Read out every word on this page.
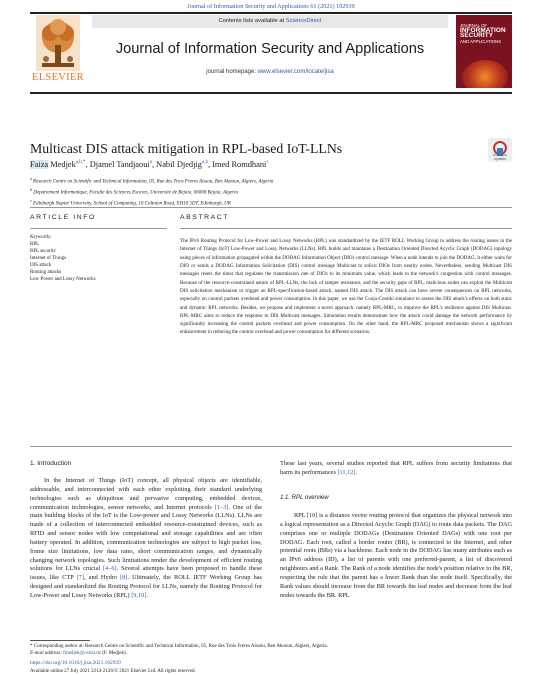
Journal of Information Security and Applications 61 (2021) 102939
ELSEVIER
Contents lists available at ScienceDirect
Journal of Information Security and Applications
journal homepage: www.elsevier.com/locate/jisa
JOURNAL OF
INFORMATION
SECURITY
AND APPLICATIONS
Check for updates
Multicast DIS attack mitigation in RPL-based IoT-LLNs
Faiza Medjek$^{a,b,*}$, Djamel Tandjaoui$^a$, Nabil Djedjig$^{a,b}$, Imed Romdhani$^c$
$^a$ Research Centre on Scientific and Technical Information, 05, Rue des Trois Freres Aissou, Ben Aknoun, Algiers, Algeria
$^b$ Departement Informatique, Faculte des Sciences Exactes, Universite de Bejaia, 06000 Bejaia, Algeria
$^c$ Edinburgh Napier University, School of Computing, 10 Colinton Road, EH10 5DT, Edinburgh, UK
ARTICLE INFO
Keywords:
RPL
RPL security
Internet of Things
DIS attack
Routing attacks
Low Power and Lossy Networks
ABSTRACT
The IPv6 Routing Protocol for Low-Power and Lossy Networks (RPL) was standardized by the IETF ROLL Working Group to address the routing issues in the Internet of Things (IoT) Low-Power and Lossy Networks (LLNs). RPL builds and maintains a Destination Oriented Directed Acyclic Graph (DODAG) topology using pieces of information propagated within the DODAG Information Object (DIO) control message. When a node intends to join the DODAG, it either waits for DIO or sends a DODAG Information Solicitation (DIS) control message Multicast to solicit DIOs from nearby nodes. Nevertheless, sending Multicast DIS messages resets the timer that regulates the transmission rate of DIOs to its minimum value, which leads to the network's congestion with control messages. Because of the resource-constrained nature of RPL-LLNs, the lack of tamper resistance, and the security gaps of RPL, malicious nodes can exploit the Multicast DIS solicitation mechanism to trigger an RPL-specification-based attack, named DIS attack. The DIS attack can have severe consequences on RPL networks, especially on control packets overhead and power consumption. In this paper, we use the Cooja-Contiki simulator to assess the DIS attack's effects on both static and dynamic RPL networks. Besides, we propose and implement a novel approach, namely RPL-MRC, to improve the RPL's resilience against DIS Multicast. RPL-MRC aims to reduce the response to DIS Multicast messages. Simulation results demonstrate how the attack could damage the network performance by significantly increasing the control packets overhead and power consumption. On the other hand, the RPL-MRC proposed mechanism shows a significant enhancement in reducing the control overhead and power consumption for different scenarios.
1. Introduction
In the Internet of Things (IoT) concept, all physical objects are identifiable, addressable, and interconnected with each other exploiting their standard underlying technologies such as ubiquitous and pervasive computing, embedded devices, communication technologies, sensor networks, and Internet protocols [1–3]. One of the main building blocks of the IoT is the Low-power and Lossy Networks (LLNs). LLNs are made of a collection of interconnected embedded resource-constrained devices, such as RFID and sensor nodes with low computational and storage capabilities and are often battery operated. In addition, communication technologies are subject to high packet loss, frame size limitations, low data rates, short communication ranges, and dynamically changing network topologies. Such limitations render the development of efficient routing solutions for LLNs crucial [4–6]. Several attempts have been proposed to handle these issues, like CTP [7], and Hydro [8]. Ultimately, the ROLL IETF Working Group has designed and standardized the Routing Protocol for LLNs, namely the Routing Protocol for Low-Power and Lossy Networks (RPL) [9,10].
These last years, several studies reported that RPL suffers from security limitations that harm its performances [11,12].
1.1. RPL overview
RPL [10] is a distance vector routing protocol that organizes the physical network into a logical representation as a Directed Acyclic Graph (DAG) to route data packets. The DAG comprises one or multiple DODAGs (Destination Oriented DAGs) with one root per DODAG. Each root, called a border router (BR), is connected to the Internet, and other potential roots (BRs) via a backbone. Each node in the DODAG has many attributes such as an IPv6 address (ID), a list of parents with one preferred-parent, a list of discovered neighbours and a Rank. The Rank of a node identifies the node's position relative to the BR, respecting the rule that the parent has a lower Rank than the node itself. Specifically, the Rank values should increase from the BR towards the leaf nodes and decrease from the leaf nodes towards the BR. RPL
* Corresponding author at: Research Centre on Scientific and Technical Information, 05, Rue des Trois Freres Aissou, Ben Aknoun, Algiers, Algeria.
E-mail address: fmedjek@cerist.dz (F. Medjek).
https://doi.org/10.1016/j.jisa.2021.102939
Available online 27 July 2021 2214-2126/© 2021 Elsevier Ltd. All rights reserved.
